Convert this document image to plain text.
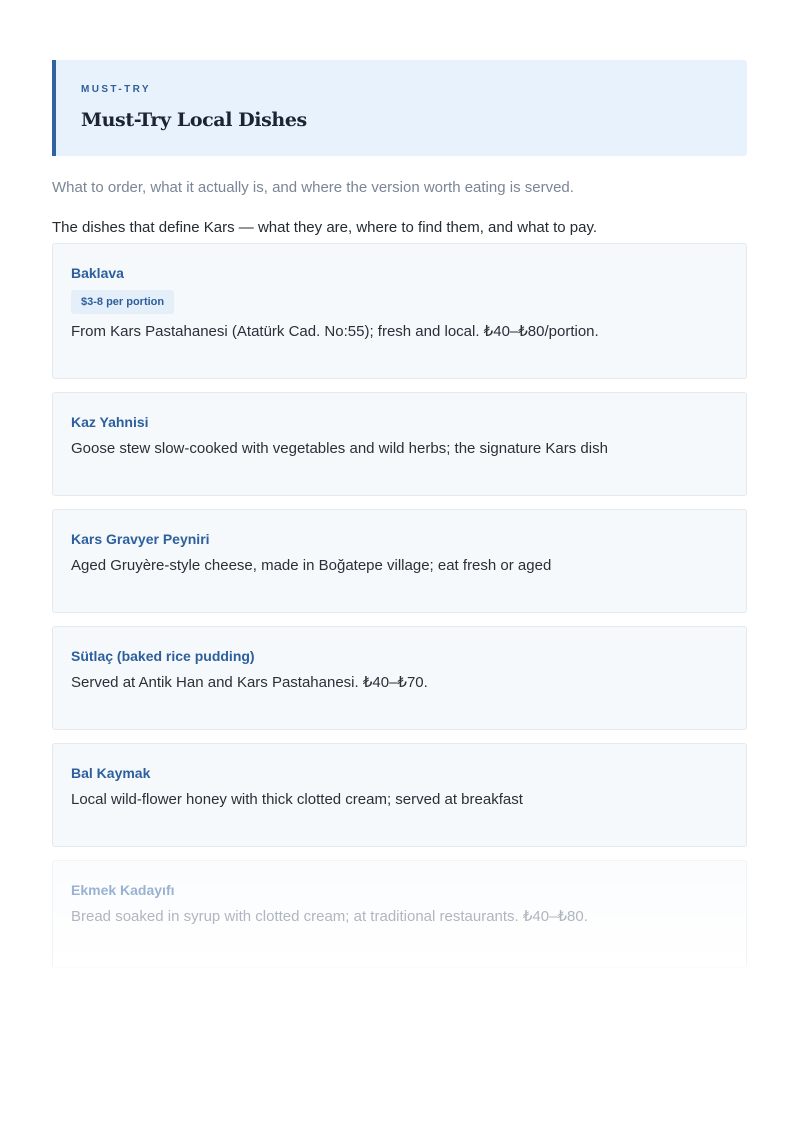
MUST-TRY
Must-Try Local Dishes
What to order, what it actually is, and where the version worth eating is served.
The dishes that define Kars — what they are, where to find them, and what to pay.
Baklava
$3-8 per portion
From Kars Pastahanesi (Atatürk Cad. No:55); fresh and local. ₺40–₺80/portion.
Kaz Yahnisi
Goose stew slow-cooked with vegetables and wild herbs; the signature Kars dish
Kars Gravyer Peyniri
Aged Gruyère-style cheese, made in Boğatepe village; eat fresh or aged
Sütlaç (baked rice pudding)
Served at Antik Han and Kars Pastahanesi. ₺40–₺70.
Bal Kaymak
Local wild-flower honey with thick clotted cream; served at breakfast
Ekmek Kadayıfı
Bread soaked in syrup with clotted cream; at traditional restaurants. ₺40–₺80.
